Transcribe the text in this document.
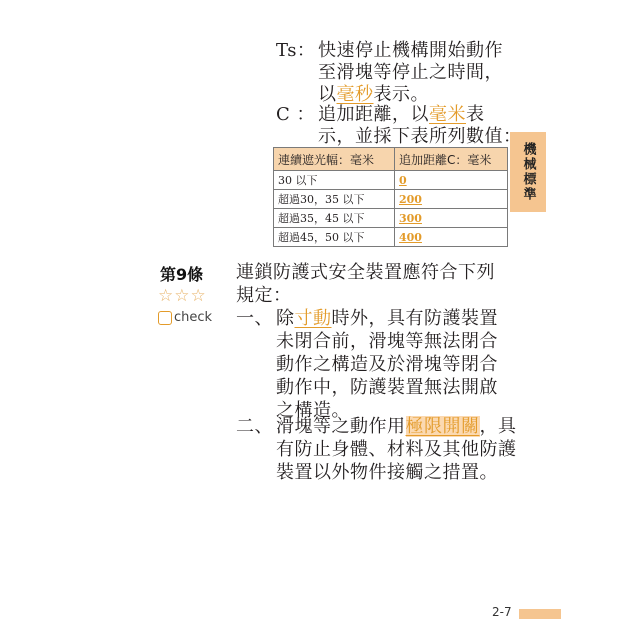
機械標準
Ts： 快速停止機構開始動作
至滑塊等停止之時間，
以毫秒表示。
C ： 追加距離，以毫米表
示，並採下表所列數值：
連續遮光幅：毫米	追加距離C：毫米
30 以下	0
超過30，35 以下	200
超過35，45 以下	300
超過45，50 以下	400
第9條
☆☆☆
check
連鎖防護式安全裝置應符合下列
規定：
一、 除寸動時外，具有防護裝置
未閉合前，滑塊等無法閉合
動作之構造及於滑塊等閉合
動作中，防護裝置無法開啟
之構造。
二、 滑塊等之動作用極限開關，具
有防止身體、材料及其他防護
裝置以外物件接觸之措置。
2-7
